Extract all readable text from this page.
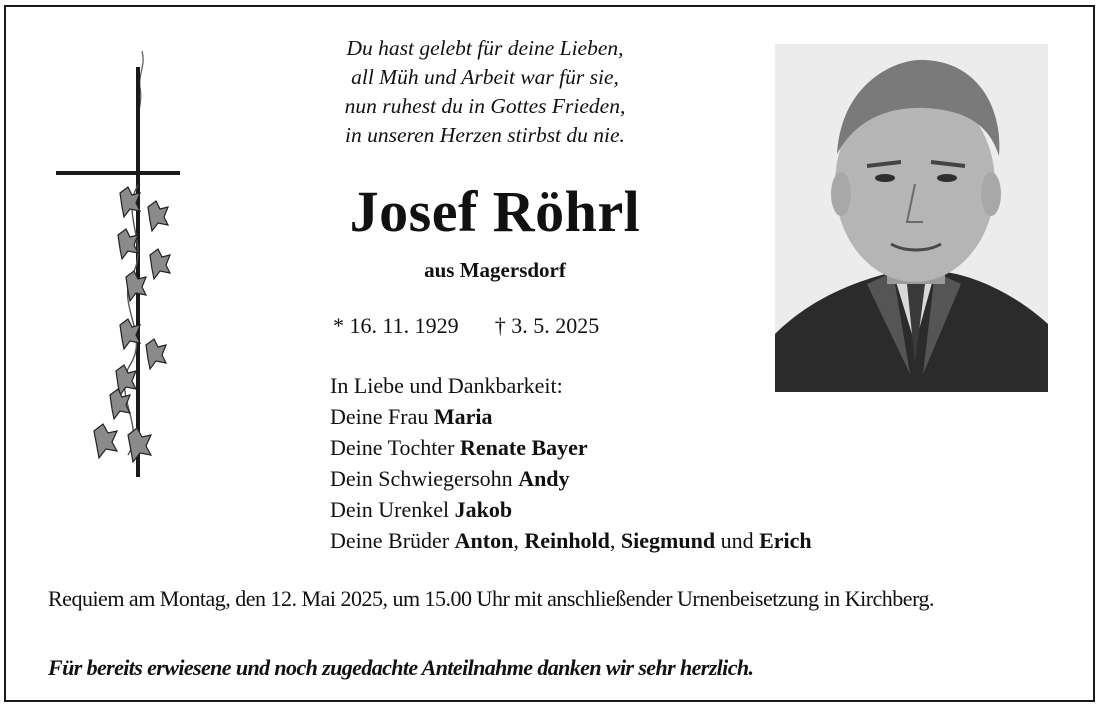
Du hast gelebt für deine Lieben,
all Müh und Arbeit war für sie,
nun ruhest du in Gottes Frieden,
in unseren Herzen stirbst du nie.
Josef Röhrl
aus Magersdorf
* 16. 11. 1929 † 3. 5. 2025
In Liebe und Dankbarkeit:
Deine Frau Maria
Deine Tochter Renate Bayer
Dein Schwiegersohn Andy
Dein Urenkel Jakob
Deine Brüder Anton, Reinhold, Siegmund und Erich
Requiem am Montag, den 12. Mai 2025, um 15.00 Uhr mit anschließender Urnenbeisetzung in Kirchberg.
Für bereits erwiesene und noch zugedachte Anteilnahme danken wir sehr herzlich.
